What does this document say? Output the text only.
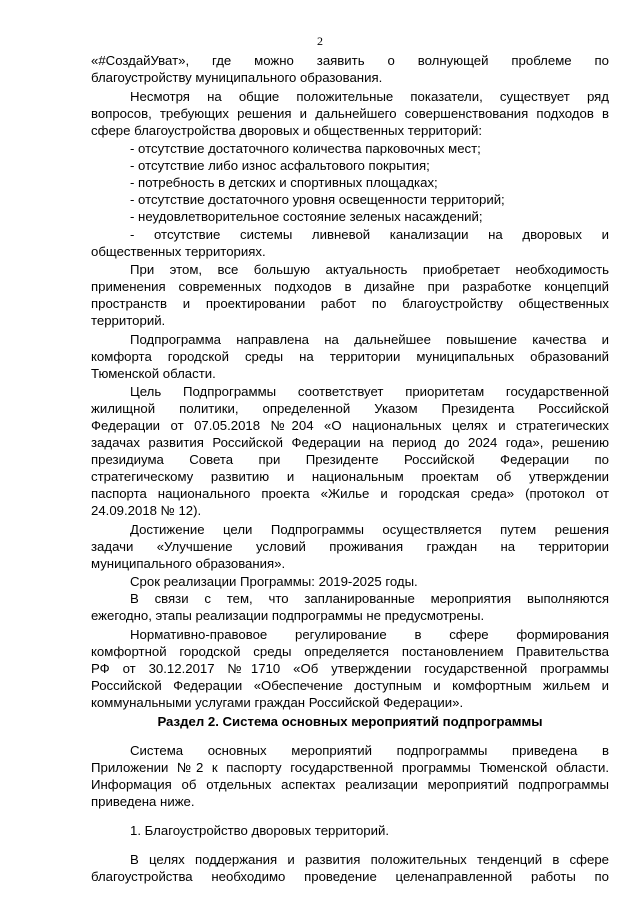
2
«#СоздайУват», где можно заявить о волнующей проблеме по
благоустройству муниципального образования.
Несмотря на общие положительные показатели, существует ряд
вопросов, требующих решения и дальнейшего совершенствования подходов в
сфере благоустройства дворовых и общественных территорий:
- отсутствие достаточного количества парковочных мест;
- отсутствие либо износ асфальтового покрытия;
- потребность в детских и спортивных площадках;
- отсутствие достаточного уровня освещенности территорий;
- неудовлетворительное состояние зеленых насаждений;
- отсутствие системы ливневой канализации на дворовых и
общественных территориях.
При этом, все большую актуальность приобретает необходимость
применения современных подходов в дизайне при разработке концепций
пространств и проектировании работ по благоустройству общественных
территорий.
Подпрограмма направлена на дальнейшее повышение качества и
комфорта городской среды на территории муниципальных образований
Тюменской области.
Цель Подпрограммы соответствует приоритетам государственной
жилищной политики, определенной Указом Президента Российской
Федерации от 07.05.2018 №204 «О национальных целях и стратегических
задачах развития Российской Федерации на период до 2024 года», решению
президиума Совета при Президенте Российской Федерации по
стратегическому развитию и национальным проектам об утверждении
паспорта национального проекта «Жилье и городская среда» (протокол от
24.09.2018 № 12).
Достижение цели Подпрограммы осуществляется путем решения
задачи «Улучшение условий проживания граждан на территории
муниципального образования».
Срок реализации Программы: 2019-2025 годы.
В связи с тем, что запланированные мероприятия выполняются
ежегодно, этапы реализации подпрограммы не предусмотрены.
Нормативно-правовое регулирование в сфере формирования
комфортной городской среды определяется постановлением Правительства
РФ от 30.12.2017 №1710 «Об утверждении государственной программы
Российской Федерации «Обеспечение доступным и комфортным жильем и
коммунальными услугами граждан Российской Федерации».
Раздел 2. Система основных мероприятий подпрограммы
Система основных мероприятий подпрограммы приведена в
Приложении №2 к паспорту государственной программы Тюменской области.
Информация об отдельных аспектах реализации мероприятий подпрограммы
приведена ниже.
1. Благоустройство дворовых территорий.
В целях поддержания и развития положительных тенденций в сфере
благоустройства необходимо проведение целенаправленной работы по
